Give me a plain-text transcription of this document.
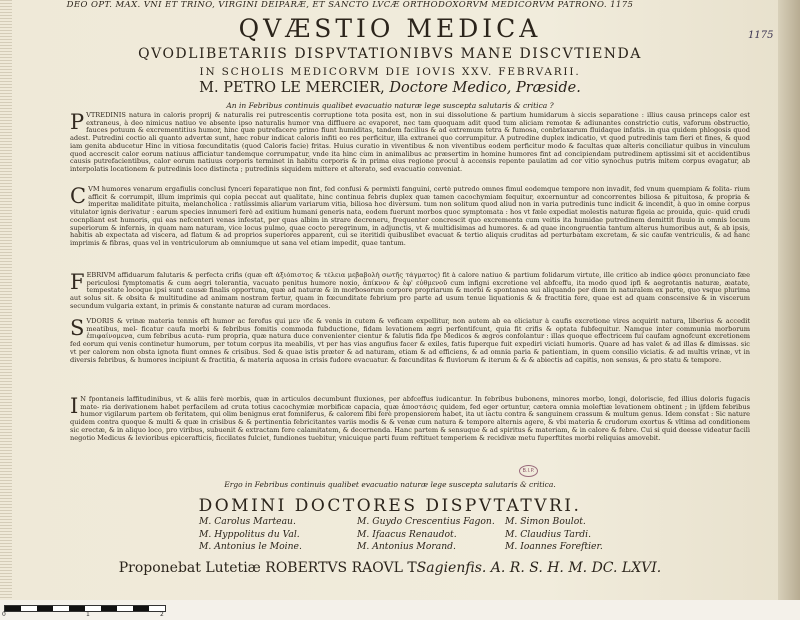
DEO OPT. MAX. VNI ET TRINO, VIRGINI DEIPARÆ, ET SANCTO LVCÆ ORTHODOXORVM MEDICORVM PATRONO. 1175
1175
QVÆSTIO MEDICA
QVODLIBETARIIS DISPVTATIONIBVS MANE DISCVTIENDA
IN SCHOLIS MEDICORVM DIE IOVIS XXV. FEBRVARII.
M. PETRO LE MERCIER, Doctore Medico, Præside.
An in Febribus continuis qualibet evacuatio naturæ lege suscepta salutaris & critica ?
PVTREDINIS natura in caloris proprij & naturalis rei putrescentis corruptione tota posita est, non in sui dissolutione & partium humidarum à siccis separatione : illius causa princeps calor est extraneus, à deo nimicus natiuo ve absente ipso naturalis humor vna diffluere ac evaporet, nec tam quoquam adit quod tum aliciam remotæ & adiunantes constrictio cutis, vaforum obstructio, fauces potuum & excrementitius humor, hinc quæ putrefacere primo fiunt humiditas, tandem facilius & ad extremum tetra & fumosa, conbrlaxarum fluidaque infatis. in qua quidem phlogosis quod adest. Putredini coctio ali quanto advertæ sunt, hæc robur indicat caloris infiti eo res perficitur, illa extranei quo corrumpitur. A putredine duplex indicatio, vt quod putredinis tam fieri et fines, & quod iam genita abducetur Hinc in vitiosa fœcunditatis (quod Caloris facie) fritas. Huius curatio in viventibus & non viventibus eodem perficitur modo & facultas quæ alteris conciliatur quibus in vinculum quod accrescit calor eorum natiuus afficiatur tandemque corrumpatur, vnde ita hinc cùm in animalibus ac præsertim in homine humores fint ad concipiendam putredinem aptissimi sit et accidentibus causis putrefacientibus, calor eorum natiuus corporis terminet in habitu corporis & in prima eius regione procul à accensis repente paulatim ad cor vitio synochus putris mitem corpus evagatur, ab interpolatis locationem & putredinis loco distincta ; putredinis siquidem mittere et alterato, sed evacuatio conveniat.
CVM humores venarum ergafiulis conclusi fynceri feparatique non fint, fed confusi & permixti fanguini, certè putredo omnes fimul eodemque tempore non invadit, fed vnum quempiam & folita- rium afficit & corrumpit, illum imprimis qui copia peccat aut qualitate, hinc continua febris duplex quæ tamen cacochymiam fequitur, excernuntur ad concorrentes biliosa & pituitosa, & propria & imperitæ maliditate pituita, melancholica : ratiissimis aliarum variarum vitia, biliosa hoc diversum. tum non solitum quod aliud non in varia putredinis tunc indicit & incendit, à quo in omne corpus vitulator ignis derivatur : earum species innumeri ferè ad exitium humani generis nata, eodem fuerunt morbos quoc symptomata : hos vt fæle expediat molestis naturæ figeia ac prouida, quic- quid crudi cocnpliant est humoris, qui eas nefcenteri venas infestat, per quas albim in strare decreneru, frequenter concrescit quo excrementa cum veitis ita humidae putredinem demittit fluuio in omnis locum superiorum & infernis, in quam nam naturam, vice locus pulmo, quae cocto peregrinum, in adjunctis, vt & multidisimas ad humores. & ad quae incongruentia tantum alterus humoribus aut, & ab ipsis, habitis ab expectata ad viscera, ad flatum & ad proprios superiores apparent, cui se iteritidi quibuslibet evacuat & tertio aliquis cruditas ad perturbatam excretam, & sic caufæ ventriculis, & ad hanc imprimis & fibras, quas vel in ventriculorum ab omniumque ut sana vel etiam impedit, quae tantum.
FEBRIVM affiduarum falutaris & perfecta crifis (quæ eft ἀξιόπιστος & τέλεια μεβαβολὴ σωτῆς τάγματος) fit à calore natiuo & partium folidarum virtute, ille critico ab indice φύσει pronunciato fæe periculosi fymptomatis & cum aegri tolerantia, vacuato penitus humore noxio, ἀπίκνον & ἐφ' εὐθμενοῦ cum infigni excretione vel abfceffu, ita modo quod ipfi & aegrotantis naturæ, æatate, tempestate locoque ipsi sunt causæ finalis opportuna, quæ ad naturæ & in morbosorum corpore propriarum & morbi & spontanea sui aliquando per diem in naturalem ex parte, quo vsque plurima aut solus sit. & obsita & multitudine ad animam nostram fertur, quam in fœcunditate febrium pro parte ad usum tenue liquationis & & fractitia fere, quae est ad quam conscensive & in viscerum secundum vulgaria extant, in primis & constante naturæ ad curam mordaces.
SVDORIS & vrinæ materia tennis eft humor ac ferofus qui μεν ιδε & venis in cutem & veficam expellitur, non autem ab ea eliciatur à caufis excretione vires acquirit natura, liberius & accedit meatibus, mel- ficatur caufa morbi & febribus fomitis commoda fubductione, fidam levationem ægri perfentifcunt, quia fit crifis & optata fubfequitur. Namque inter communia morborum ἐπιφαίνομενα, cum febribus acuta- rum propria, quæ natura duce convenienter cientur & falutis fida fpe Medicos & ægros confolantur : illas quoque effectricem fui caufam agnofcunt excretionem fed eorum qui venis continetur humorum, per totum corpus ita meabilis, vt per has vias angufius facer & exiles, fatis fuperque fuit expediri viciati humoris. Quare ad has valet & ad illas & dimissas. sic vt per calorem non obsta ignota fiunt omnes & crisibus. Sed & quae istis præter & ad naturam, etiam & ad efficiens, & ad omnia paria & patientiam, in quem consilio viciatis. & ad multis vrinæ, vt in diversis febribus, & humores incipiunt & fractitia, & materia aquosa in crisis fudore evacuatur. & fœcunditas & fluviorum & iterum & & & abiectis ad capitis, non sensus, & pro statu & tempore.
I N fpontaneis laffitudinibus, vt & aliis ferè morbis, quæ in articulos decumbunt fluxiones, per abfceffus iudicantur. In febribus bubonens, minores morbo, longi, doloriscie, fed illius doloris fugacis mate- ria derivationem habet perfacilem ad cruta totius cacochymiæ morbificæ capacia, quæ ἀποστάσις quidem, fed eger ortuntur, cætera omnia moleftiæ levationem obtinent ; in ijfdem febribus humor vigilarum partem ob feritatem, qui olim benignus erat fomniferus, & calorem fibi ferè propensiorem habet, ita ut iactu contra & sanguinem crassum & multum genus. Idem constat : Sic nature quidem contra quoque & multi & quæ in crisibus & & pertinentia febricitantes variis modis & & venæ cum natura & tempore alternis agere, & vbi materia & crudorum exortus & vltima ad conditionem sic erectæ, & in aliquo loco, pro viribus, subuenit & extractam fere calamitatem, & decernenda. Hanc partem & sensuque & ad spiritus & materiam, & in calore & febre. Cui si quid deesse videatur facili negotio Medicus & levioribus epicerafticis, ficcilates fulciet, fundiones tuebitur, vnicuique parti fuum reftituet temperiem & recidivæ metu fuperftites morbi reliquias amovebit.
B.I.P.
Ergo in Febribus continuis qualibet evacuatio naturæ lege suscepta salutaris & critica.
DOMINI DOCTORES DISPVTATVRI.
M. Carolus Marteau.
M. Hyppolitus du Val.
M. Antonius le Moine.
M. Guydo Crescentius Fagon.
M. Ifaacus Renaudot.
M. Antonius Morand.
M. Simon Boulot.
M. Claudius Tardi.
M. Ioannes Foreftier.
Proponebat Lutetiæ ROBERTVS RAOVL TSagienfis. A. R. S. H. M. DC. LXVI.
0	1	2
